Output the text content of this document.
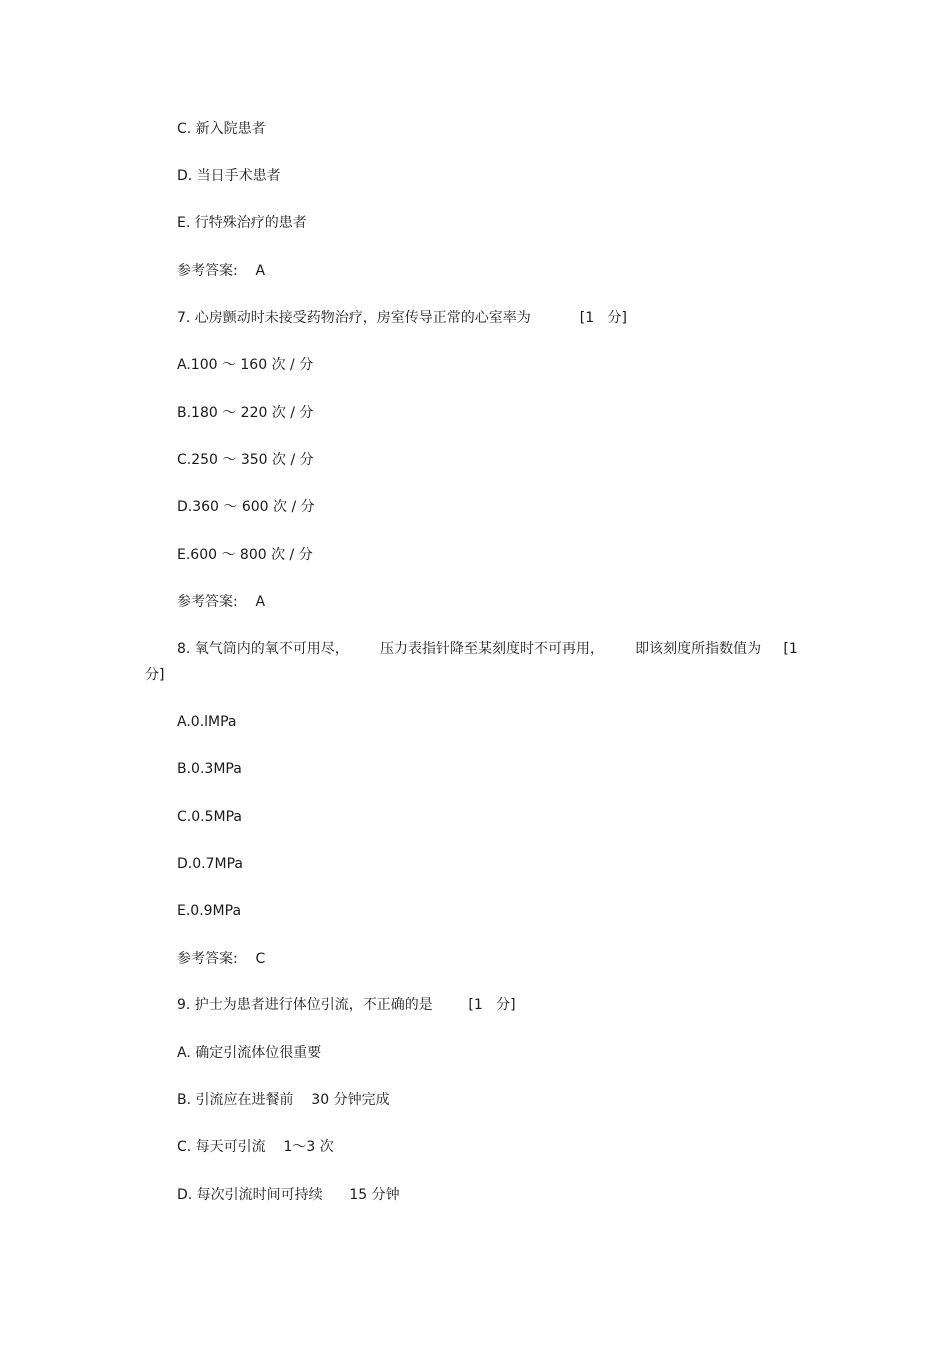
C. 新入院患者
D. 当日手术患者
E. 行特殊治疗的患者
参考答案:    A
7. 心房颤动时未接受药物治疗，房室传导正常的心室率为           [1   分]
A.100 ～ 160 次 / 分
B.180 ～ 220 次 / 分
C.250 ～ 350 次 / 分
D.360 ～ 600 次 / 分
E.600 ～ 800 次 / 分
参考答案:    A
8. 氧气筒内的氧不可用尽，       压力表指针降至某刻度时不可再用，       即该刻度所指数值为     [1
分]
A.0.lMPa
B.0.3MPa
C.0.5MPa
D.0.7MPa
E.0.9MPa
参考答案:    C
9. 护士为患者进行体位引流，不正确的是        [1   分]
A. 确定引流体位很重要
B. 引流应在进餐前    30 分钟完成
C. 每天可引流    1～3 次
D. 每次引流时间可持续      15 分钟
